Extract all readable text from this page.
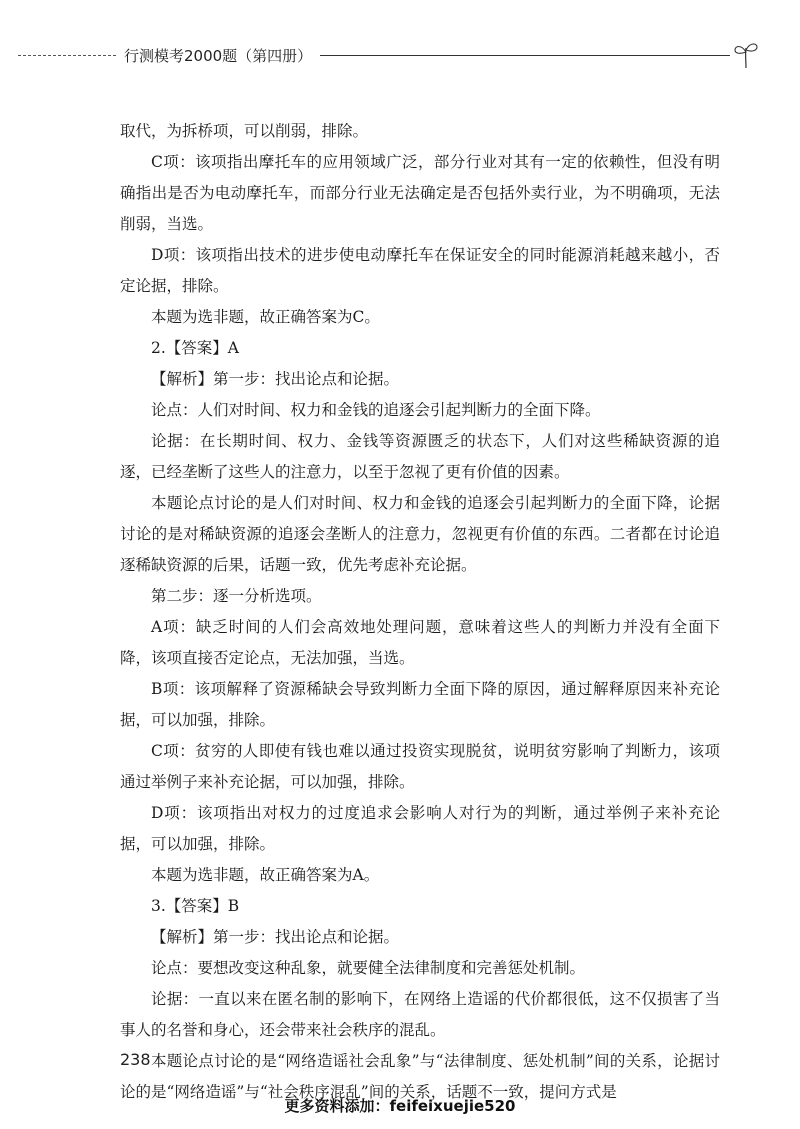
行测模考2000题（第四册）

取代，为拆桥项，可以削弱，排除。

C项：该项指出摩托车的应用领域广泛，部分行业对其有一定的依赖性，但没有明确指出是否为电动摩托车，而部分行业无法确定是否包括外卖行业，为不明确项，无法削弱，当选。

D项：该项指出技术的进步使电动摩托车在保证安全的同时能源消耗越来越小，否定论据，排除。

本题为选非题，故正确答案为C。

2.【答案】A

【解析】第一步：找出论点和论据。

论点：人们对时间、权力和金钱的追逐会引起判断力的全面下降。

论据：在长期时间、权力、金钱等资源匮乏的状态下，人们对这些稀缺资源的追逐，已经垄断了这些人的注意力，以至于忽视了更有价值的因素。

本题论点讨论的是人们对时间、权力和金钱的追逐会引起判断力的全面下降，论据讨论的是对稀缺资源的追逐会垄断人的注意力，忽视更有价值的东西。二者都在讨论追逐稀缺资源的后果，话题一致，优先考虑补充论据。

第二步：逐一分析选项。

A项：缺乏时间的人们会高效地处理问题，意味着这些人的判断力并没有全面下降，该项直接否定论点，无法加强，当选。

B项：该项解释了资源稀缺会导致判断力全面下降的原因，通过解释原因来补充论据，可以加强，排除。

C项：贫穷的人即使有钱也难以通过投资实现脱贫，说明贫穷影响了判断力，该项通过举例子来补充论据，可以加强，排除。

D项：该项指出对权力的过度追求会影响人对行为的判断，通过举例子来补充论据，可以加强，排除。

本题为选非题，故正确答案为A。

3.【答案】B

【解析】第一步：找出论点和论据。

论点：要想改变这种乱象，就要健全法律制度和完善惩处机制。

论据：一直以来在匿名制的影响下，在网络上造谣的代价都很低，这不仅损害了当事人的名誉和身心，还会带来社会秩序的混乱。

本题论点讨论的是“网络造谣社会乱象”与“法律制度、惩处机制”间的关系，论据讨论的是“网络造谣”与“社会秩序混乱”间的关系，话题不一致，提问方式是

238
更多资料添加：feifeixuejie520
